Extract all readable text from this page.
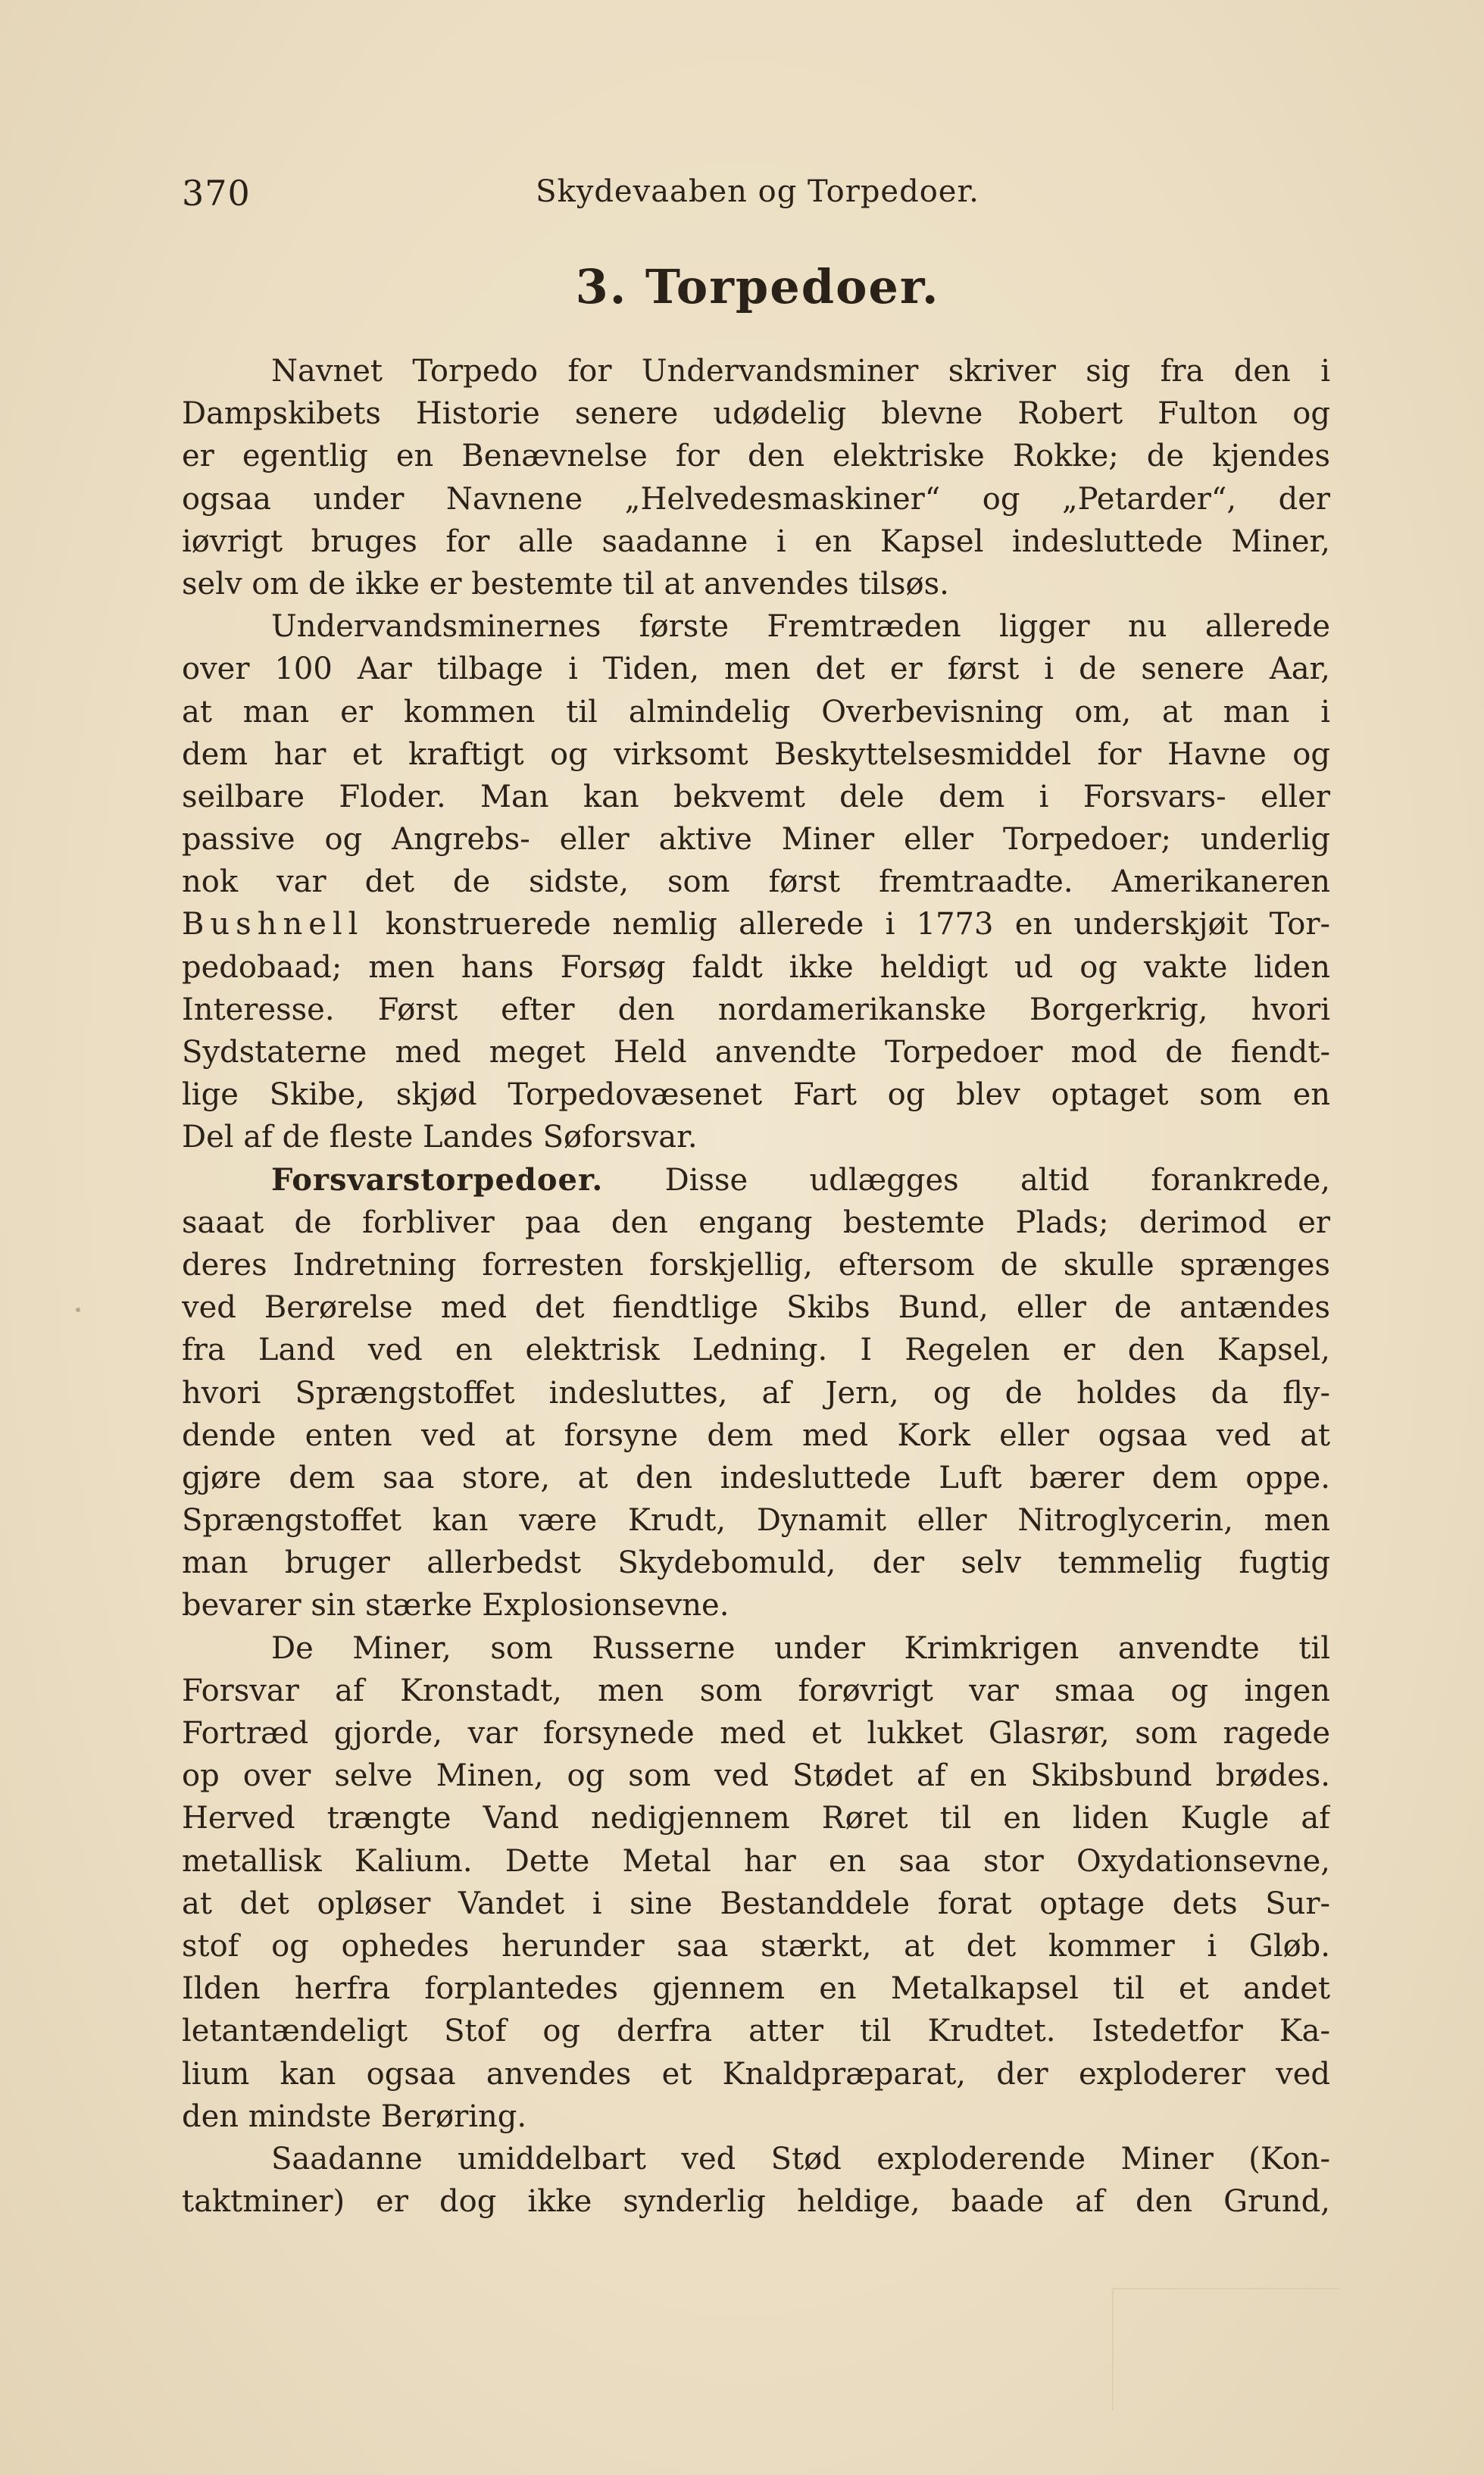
370	Skydevaaben og Torpedoer.
3. Torpedoer.
Navnet Torpedo for Undervandsminer skriver sig fra den i
Dampskibets Historie senere udødelig blevne Robert Fulton og
er egentlig en Benævnelse for den elektriske Rokke; de kjendes
ogsaa under Navnene „Helvedesmaskiner“ og „Petarder“, der
iøvrigt bruges for alle saadanne i en Kapsel indesluttede Miner,
selv om de ikke er bestemte til at anvendes tilsøs.
Undervandsminernes første Fremtræden ligger nu allerede
over 100 Aar tilbage i Tiden, men det er først i de senere Aar,
at man er kommen til almindelig Overbevisning om, at man i
dem har et kraftigt og virksomt Beskyttelsesmiddel for Havne og
seilbare Floder. Man kan bekvemt dele dem i Forsvars- eller
passive og Angrebs- eller aktive Miner eller Torpedoer; underlig
nok var det de sidste, som først fremtraadte. Amerikaneren
Bushnell konstruerede nemlig allerede i 1773 en underskjøit Tor-
pedobaad; men hans Forsøg faldt ikke heldigt ud og vakte liden
Interesse. Først efter den nordamerikanske Borgerkrig, hvori
Sydstaterne med meget Held anvendte Torpedoer mod de fiendt-
lige Skibe, skjød Torpedovæsenet Fart og blev optaget som en
Del af de fleste Landes Søforsvar.
Forsvarstorpedoer. Disse udlægges altid forankrede,
saaat de forbliver paa den engang bestemte Plads; derimod er
deres Indretning forresten forskjellig, eftersom de skulle sprænges
ved Berørelse med det fiendtlige Skibs Bund, eller de antændes
fra Land ved en elektrisk Ledning. I Regelen er den Kapsel,
hvori Sprængstoffet indesluttes, af Jern, og de holdes da fly-
dende enten ved at forsyne dem med Kork eller ogsaa ved at
gjøre dem saa store, at den indesluttede Luft bærer dem oppe.
Sprængstoffet kan være Krudt, Dynamit eller Nitroglycerin, men
man bruger allerbedst Skydebomuld, der selv temmelig fugtig
bevarer sin stærke Explosionsevne.
De Miner, som Russerne under Krimkrigen anvendte til
Forsvar af Kronstadt, men som forøvrigt var smaa og ingen
Fortræd gjorde, var forsynede med et lukket Glasrør, som ragede
op over selve Minen, og som ved Stødet af en Skibsbund brødes.
Herved trængte Vand nedigjennem Røret til en liden Kugle af
metallisk Kalium. Dette Metal har en saa stor Oxydationsevne,
at det opløser Vandet i sine Bestanddele forat optage dets Sur-
stof og ophedes herunder saa stærkt, at det kommer i Gløb.
Ilden herfra forplantedes gjennem en Metalkapsel til et andet
letantændeligt Stof og derfra atter til Krudtet. Istedetfor Ka-
lium kan ogsaa anvendes et Knaldpræparat, der exploderer ved
den mindste Berøring.
Saadanne umiddelbart ved Stød exploderende Miner (Kon-
taktminer) er dog ikke synderlig heldige, baade af den Grund,
